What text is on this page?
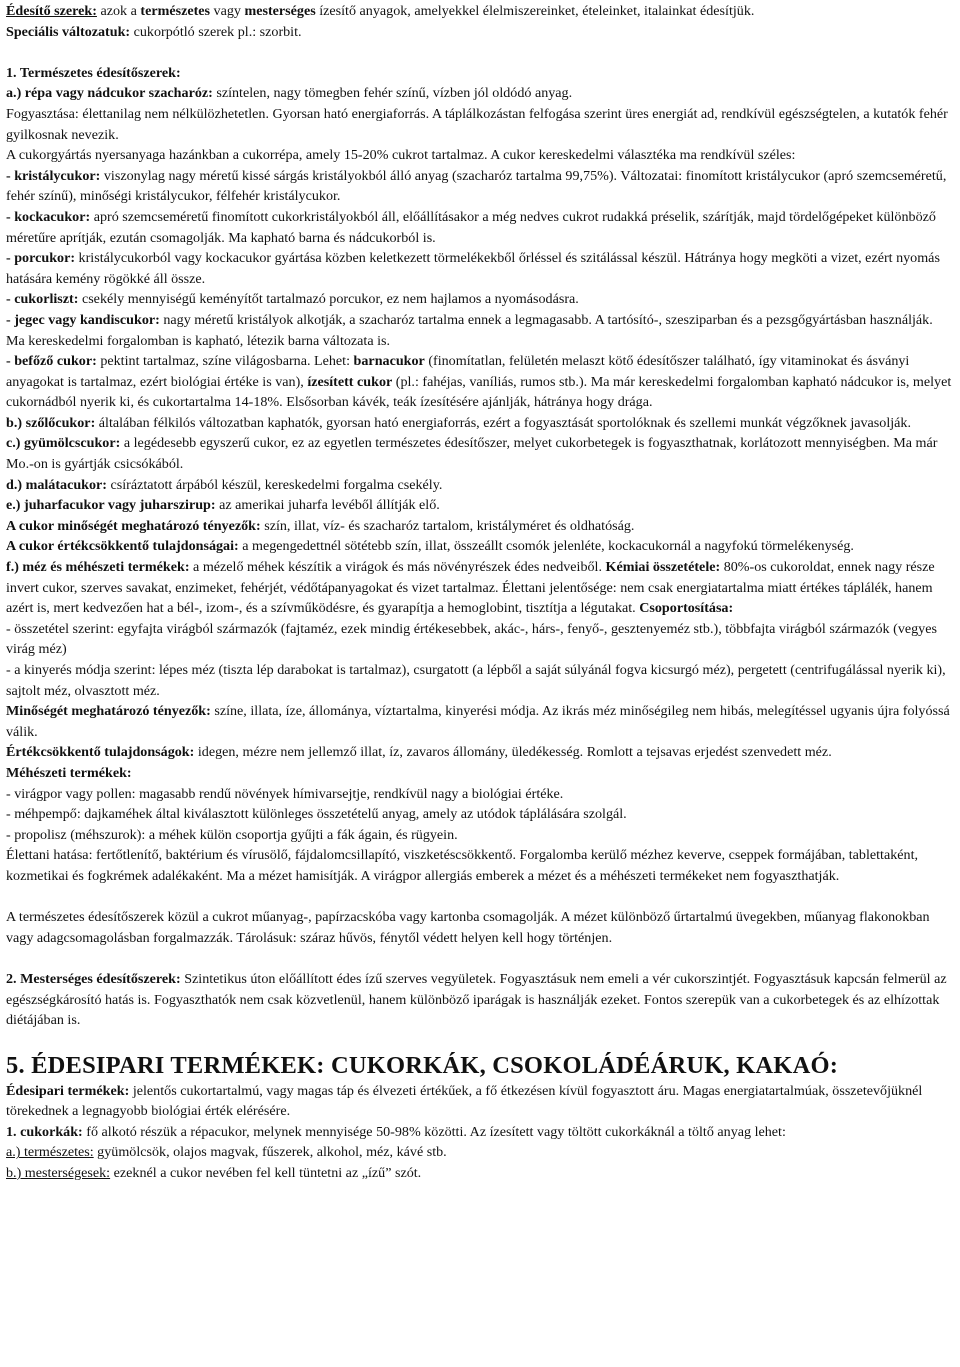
Édesítő szerek: azok a természetes vagy mesterséges ízesítő anyagok, amelyekkel élelmiszereinket, ételeinket, italainkat édesítjük.
Speciális változatuk: cukorpótló szerek pl.: szorbit.

1. Természetes édesítőszerek:

a.) répa vagy nádcukor szacharóz: színtelen, nagy tömegben fehér színű, vízben jól oldódó anyag.

Fogyasztása: élettanilag nem nélkülözhetetlen. Gyorsan ható energiaforrás. A táplálkozástan felfogása szerint üres energiát ad, rendkívül egészségtelen, a kutatók fehér gyilkosnak nevezik.

A cukorgyártás nyersanyaga hazánkban a cukorrépa, amely 15-20% cukrot tartalmaz. A cukor kereskedelmi választéka ma rendkívül széles:

- kristálycukor: viszonylag nagy méretű kissé sárgás kristályokból álló anyag (szacharóz tartalma 99,75%). Változatai: finomított kristálycukor (apró szemcseméretű, fehér színű), minőségi kristálycukor, félfehér kristálycukor.

- kockacukor: apró szemcseméretű finomított cukorkristályokból áll, előállításakor a még nedves cukrot rudakká préselik, szárítják, majd tördelőgépeket különböző méretűre aprítják, ezután csomagolják. Ma kapható barna és nádcukorból is.

- porcukor: kristálycukorból vagy kockacukor gyártása közben keletkezett törmelékekből őrléssel és szitálással készül. Hátránya hogy megköti a vizet, ezért nyomás hatására kemény rögökké áll össze.

- cukorliszt: csekély mennyiségű keményítőt tartalmazó porcukor, ez nem hajlamos a nyomásodásra.

- jegec vagy kandiscukor: nagy méretű kristályok alkotják, a szacharóz tartalma ennek a legmagasabb. A tartósító-, szesziparban és a pezsgőgyártásban használják. Ma kereskedelmi forgalomban is kapható, létezik barna változata is.

- befőző cukor: pektint tartalmaz, színe világosbarna. Lehet: barnacukor (finomítatlan, felületén melaszt kötő édesítőszer található, így vitaminokat és ásványi anyagokat is tartalmaz, ezért biológiai értéke is van), ízesített cukor (pl.: fahéjas, vaníliás, rumos stb.). Ma már kereskedelmi forgalomban kapható nádcukor is, melyet cukornádból nyerik ki, és cukortartalma 14-18%. Elsősorban kávék, teák ízesítésére ajánlják, hátránya hogy drága.

b.) szőlőcukor: általában félkilós változatban kaphatók, gyorsan ható energiaforrás, ezért a fogyasztását sportolóknak és szellemi munkát végzőknek javasolják.

c.) gyümölcscukor: a legédesebb egyszerű cukor, ez az egyetlen természetes édesítőszer, melyet cukorbetegek is fogyaszthatnak, korlátozott mennyiségben. Ma már Mo.-on is gyártják csicsókából.

d.) malátacukor: csíráztatott árpából készül, kereskedelmi forgalma csekély.

e.) juharfacukor vagy juharszirup: az amerikai juharfa levéből állítják elő.

A cukor minőségét meghatározó tényezők: szín, illat, víz- és szacharóz tartalom, kristályméret és oldhatóság.

A cukor értékcsökkentő tulajdonságai: a megengedettnél sötétebb szín, illat, összeállt csomók jelenléte, kockacukornál a nagyfokú törmelékenység.

f.) méz és méhészeti termékek: a mézelő méhek készítik a virágok és más növényrészek édes nedveiből. Kémiai összetétele: 80%-os cukoroldat, ennek nagy része invert cukor, szerves savakat, enzimeket, fehérjét, védőtápanyagokat és vizet tartalmaz. Élettani jelentősége: nem csak energiatartalma miatt értékes táplálék, hanem azért is, mert kedvezően hat a bél-, izom-, és a szívműködésre, és gyarapítja a hemoglobint, tisztítja a légutakat. Csoportosítása:

- összetétel szerint: egyfajta virágból származók (fajtaméz, ezek mindig értékesebbek, akác-, hárs-, fenyő-, gesztenyeméz stb.), többfajta virágból származók (vegyes virág méz)

- a kinyerés módja szerint: lépes méz (tiszta lép darabokat is tartalmaz), csurgatott (a lépből a saját súlyánál fogva kicsurgó méz), pergetett (centrifugálással nyerik ki), sajtolt méz, olvasztott méz.

Minőségét meghatározó tényezők: színe, illata, íze, állománya, víztartalma, kinyerési módja. Az ikrás méz minőségileg nem hibás, melegítéssel ugyanis újra folyóssá válik.

Értékcsökkentő tulajdonságok: idegen, mézre nem jellemző illat, íz, zavaros állomány, üledékesség. Romlott a tejsavas erjedést szenvedett méz.

Méhészeti termékek:

- virágpor vagy pollen: magasabb rendű növények hímivarsejtje, rendkívül nagy a biológiai értéke.

- méhpempő: dajkaméhek által kiválasztott különleges összetételű anyag, amely az utódok táplálására szolgál.

- propolisz (méhszurok): a méhek külön csoportja gyűjti a fák ágain, és rügyein.

Élettani hatása: fertőtlenítő, baktérium és vírusölő, fájdalomcsillapító, viszketéscsökkentő. Forgalomba kerülő mézhez keverve, cseppek formájában, tablettaként, kozmetikai és fogkrémek adalékaként. Ma a mézet hamisítják. A virágpor allergiás emberek a mézet és a méhészeti termékeket nem fogyaszthatják.

A természetes édesítőszerek közül a cukrot műanyag-, papírzacskóba vagy kartonba csomagolják. A mézet különböző űrtartalmú üvegekben, műanyag flakonokban vagy adagcsomagolásban forgalmazzák. Tárolásuk: száraz hűvös, fénytől védett helyen kell hogy történjen.

2. Mesterséges édesítőszerek: Szintetikus úton előállított édes ízű szerves vegyületek. Fogyasztásuk nem emeli a vér cukorszintjét. Fogyasztásuk kapcsán felmerül az egészségkárosító hatás is. Fogyaszthatók nem csak közvetlenül, hanem különböző iparágak is használják ezeket. Fontos szerepük van a cukorbetegek és az elhízottak diétájában is.

5. ÉDESIPARI TERMÉKEK: CUKORKÁK, CSOKOLÁDÉÁRUK, KAKAÓ:

Édesipari termékek: jelentős cukortartalmú, vagy magas táp és élvezeti értékűek, a fő étkezésen kívül fogyasztott áru. Magas energiatartalmúak, összetevőjüknél törekednek a legnagyobb biológiai érték elérésére.

1. cukorkák: fő alkotó részük a répacukor, melynek mennyisége 50-98% közötti. Az ízesített vagy töltött cukorkáknál a töltő anyag lehet:

a.) természetes: gyümölcsök, olajos magvak, fűszerek, alkohol, méz, kávé stb.

b.) mesterségesek: ezeknél a cukor nevében fel kell tüntetni az „ízű” szót.
